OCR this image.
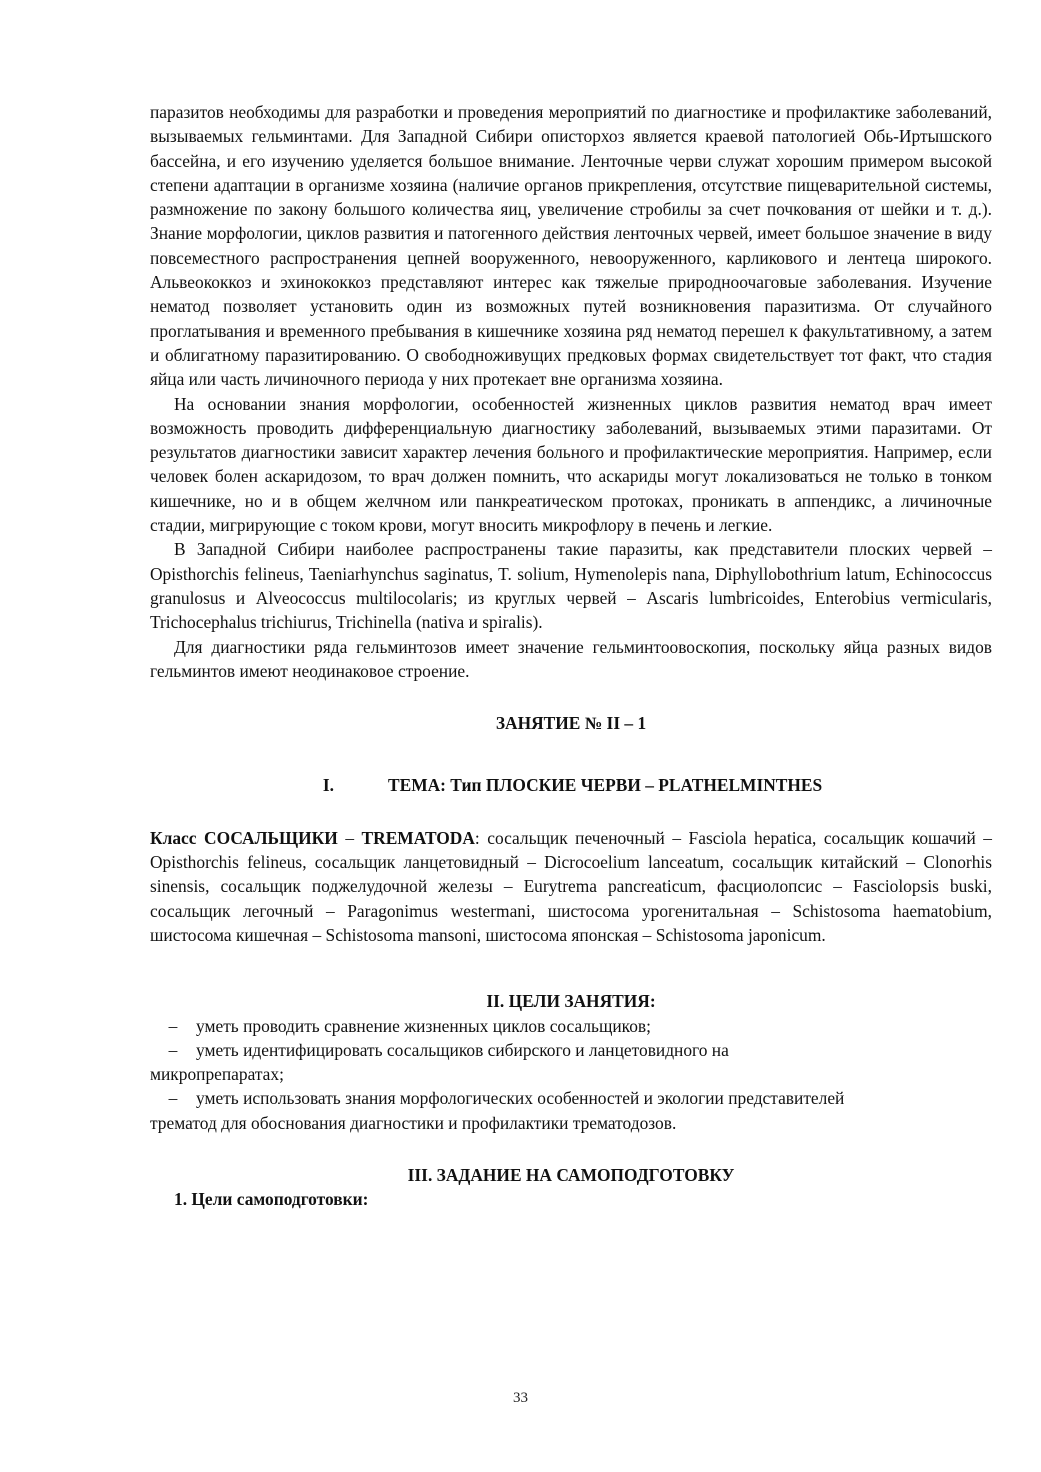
паразитов необходимы для разработки и проведения мероприятий по диагностике и профилактике заболеваний, вызываемых гельминтами. Для Западной Сибири описторхоз является краевой патологией Обь-Иртышского бассейна, и его изучению уделяется большое внимание. Ленточные черви служат хорошим примером высокой степени адаптации в организме хозяина (наличие органов прикрепления, отсутствие пищеварительной системы, размножение по закону большого количества яиц, увеличение стробилы за счет почкования от шейки и т. д.). Знание морфологии, циклов развития и патогенного действия ленточных червей, имеет большое значение в виду повсеместного распространения цепней вооруженного, невооруженного, карликового и лентеца широкого. Альвеококкоз и эхинококкоз представляют интерес как тяжелые природноочаговые заболевания. Изучение нематод позволяет установить один из возможных путей возникновения паразитизма. От случайного проглатывания и временного пребывания в кишечнике хозяина ряд нематод перешел к факультативному, а затем и облигатному паразитированию. О свободноживущих предковых формах свидетельствует тот факт, что стадия яйца или часть личиночного периода у них протекает вне организма хозяина.

На основании знания морфологии, особенностей жизненных циклов развития нематод врач имеет возможность проводить дифференциальную диагностику заболеваний, вызываемых этими паразитами. От результатов диагностики зависит характер лечения больного и профилактические мероприятия. Например, если человек болен аскаридозом, то врач должен помнить, что аскариды могут локализоваться не только в тонком кишечнике, но и в общем желчном или панкреатическом протоках, проникать в аппендикс, а личиночные стадии, мигрирующие с током крови, могут вносить микрофлору в печень и легкие.

В Западной Сибири наиболее распространены такие паразиты, как представители плоских червей – Opisthorchis felineus, Taeniarhynchus saginatus, T. solium, Hymenolepis nana, Diphyllobothrium latum, Echinococcus granulosus и Alveococcus multilocolaris; из круглых червей – Ascaris lumbricoides, Enterobius vermicularis, Trichocephalus trichiurus, Trichinella (nativa и spiralis).

Для диагностики ряда гельминтозов имеет значение гельминтоовоскопия, поскольку яйца разных видов гельминтов имеют неодинаковое строение.

ЗАНЯТИЕ № II – 1

I.	ТЕМА: Тип ПЛОСКИЕ ЧЕРВИ – PLATHELMINTHES

Класс СОСАЛЬЩИКИ – TREMATODA: сосальщик печеночный – Fasciola hepatica, сосальщик кошачий – Opisthorchis felineus, сосальщик ланцетовидный – Dicrocoelium lanceatum, сосальщик китайский – Clonorhis sinensis, сосальщик поджелудочной железы – Eurytrema pancreaticum, фасциолопсис – Fasciolopsis buski, сосальщик легочный – Paragonimus westermani, шистосома урогенитальная – Schistosoma haematobium, шистосома кишечная – Schistosoma mansoni, шистосома японская – Schistosoma japonicum.

II. ЦЕЛИ ЗАНЯТИЯ:

–	уметь проводить сравнение жизненных циклов сосальщиков;
–	уметь идентифицировать сосальщиков сибирского и ланцетовидного на

микропрепаратах;

–	уметь использовать знания морфологических особенностей и экологии представителей

трематод для обоснования диагностики и профилактики трематодозов.

III. ЗАДАНИЕ НА САМОПОДГОТОВКУ

1. Цели самоподготовки:

33
